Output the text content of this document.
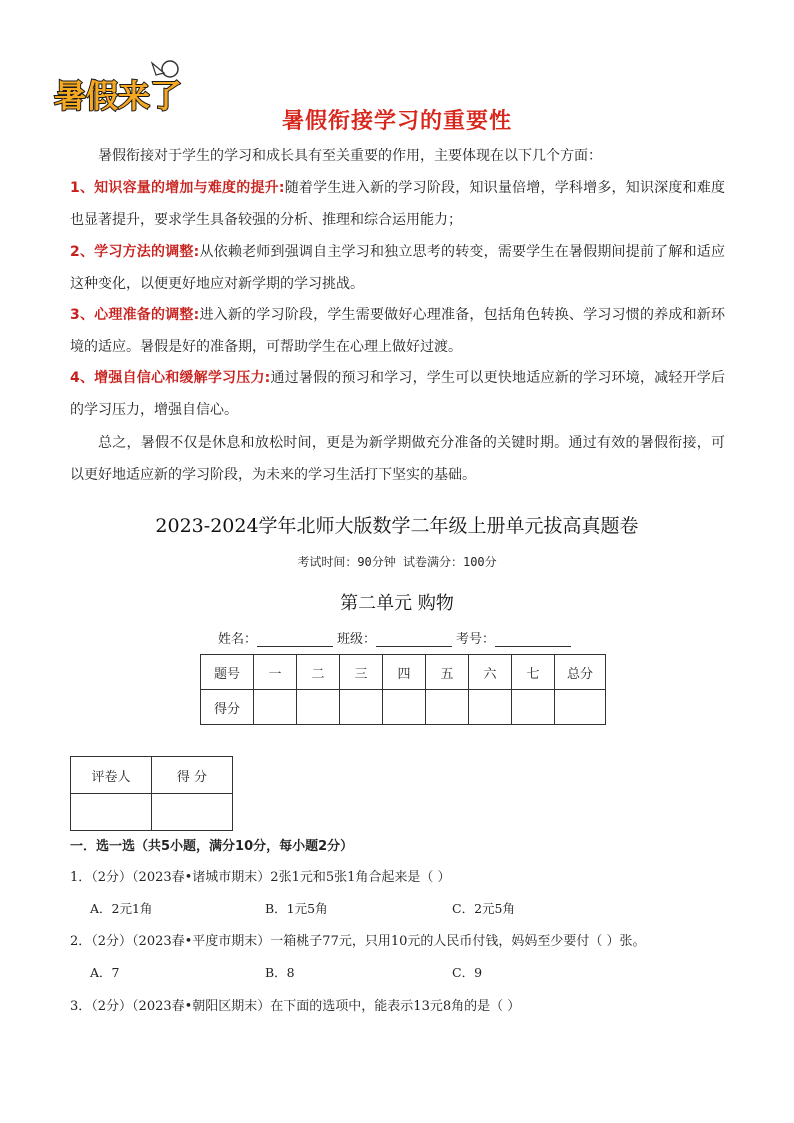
暑假来了
暑假衔接学习的重要性
暑假衔接对于学生的学习和成长具有至关重要的作用，主要体现在以下几个方面：
1、知识容量的增加与难度的提升:随着学生进入新的学习阶段，知识量倍增，学科增多，知识深度和难度也显著提升，要求学生具备较强的分析、推理和综合运用能力；
2、学习方法的调整:从依赖老师到强调自主学习和独立思考的转变，需要学生在暑假期间提前了解和适应这种变化，以便更好地应对新学期的学习挑战。
3、心理准备的调整:进入新的学习阶段，学生需要做好心理准备，包括角色转换、学习习惯的养成和新环境的适应。暑假是好的准备期，可帮助学生在心理上做好过渡。
4、增强自信心和缓解学习压力:通过暑假的预习和学习，学生可以更快地适应新的学习环境，减轻开学后的学习压力，增强自信心。
总之，暑假不仅是休息和放松时间，更是为新学期做充分准备的关键时期。通过有效的暑假衔接，可以更好地适应新的学习阶段，为未来的学习生活打下坚实的基础。
2023-2024学年北师大版数学二年级上册单元拔高真题卷
考试时间：90分钟 试卷满分：100分
第二单元 购物
姓名：	班级：	考号：
题号	一	二	三	四	五	六	七	总分
得分								
评卷人	得 分

一．选一选（共5小题，满分10分，每小题2分）
1．（2分）（2023春•诸城市期末）2张1元和5张1角合起来是（ ）
A．2元1角	B．1元5角	C．2元5角
2．（2分）（2023春•平度市期末）一箱桃子77元，只用10元的人民币付钱，妈妈至少要付（ ）张。
A．7	B．8	C．9
3．（2分）（2023春•朝阳区期末）在下面的选项中，能表示13元8角的是（ ）
